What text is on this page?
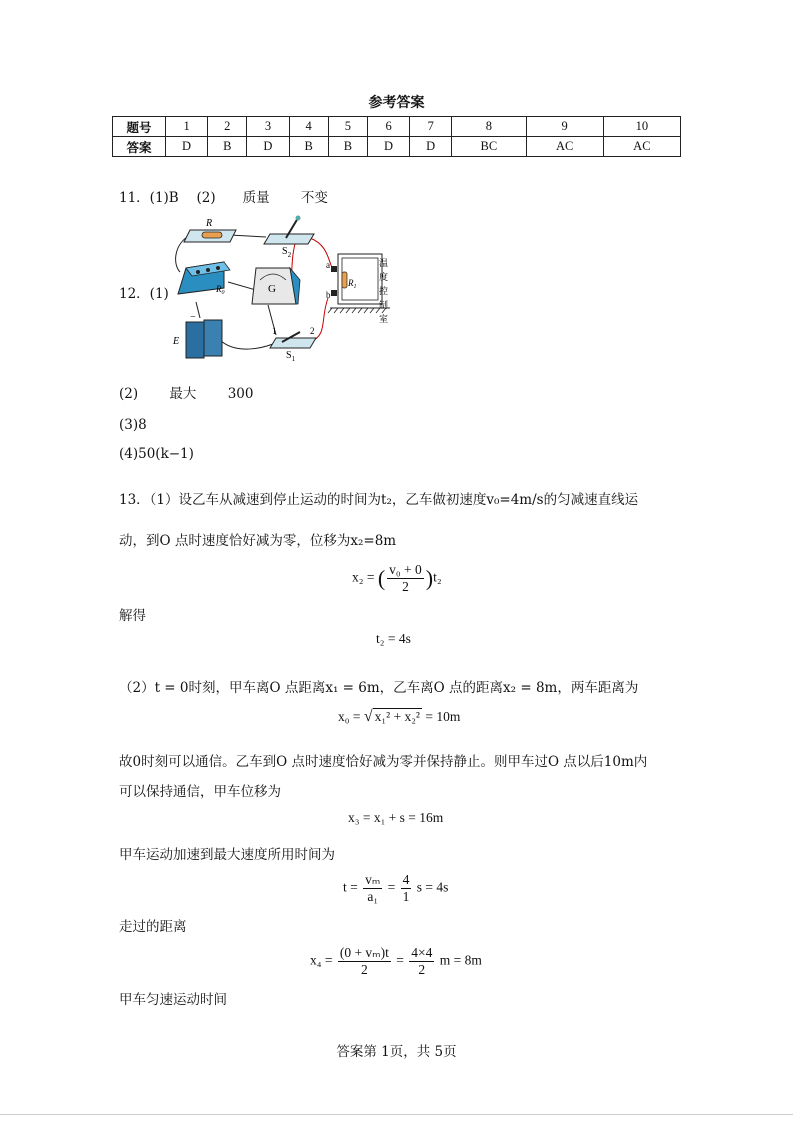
参考答案
题号	1	2	3	4	5	6	7	8	9	10
答案	D	B	D	B	B	D	D	BC	AC	AC
11．(1)B　 (2)　　质量　　 不变
12．(1)
R
$S_2$
$R_0$	G
a
b
$R_1$
温
度
控
制
室
E
−
1	2
$S_1$
(2)　　 最大　　 300
(3)8
(4)50(k−1)
13．（1）设乙车从减速到停止运动的时间为t₂，乙车做初速度v₀=4m/s的匀减速直线运
动，到O 点时速度恰好减为零，位移为x₂=8m
x₂ = ( $\frac{\text{v₀ + 0}}{2} )t_2$
解得
t₂ = 4s
（2）t = 0时刻，甲车离O 点距离x₁ = 6m，乙车离O 点的距离x₂ = 8m，两车距离为
x₀ = √ x₁² + x₂² = 10m
故0时刻可以通信。乙车到O 点时速度恰好减为零并保持静止。则甲车过O 点以后10m内
可以保持通信，甲车位移为
x₃ = x₁ + s = 16m
甲车运动加速到最大速度所用时间为
$t = \frac{\text{vₘ}}{\text{a₁}} = \frac{4}{1}$ s = 4s
走过的距离
$x_4 = \frac{\text{(0 + vₘ)t}}{2} = \frac{4\times 4}{2}$ m = 8m
甲车匀速运动时间
答案第 1页，共 5页
